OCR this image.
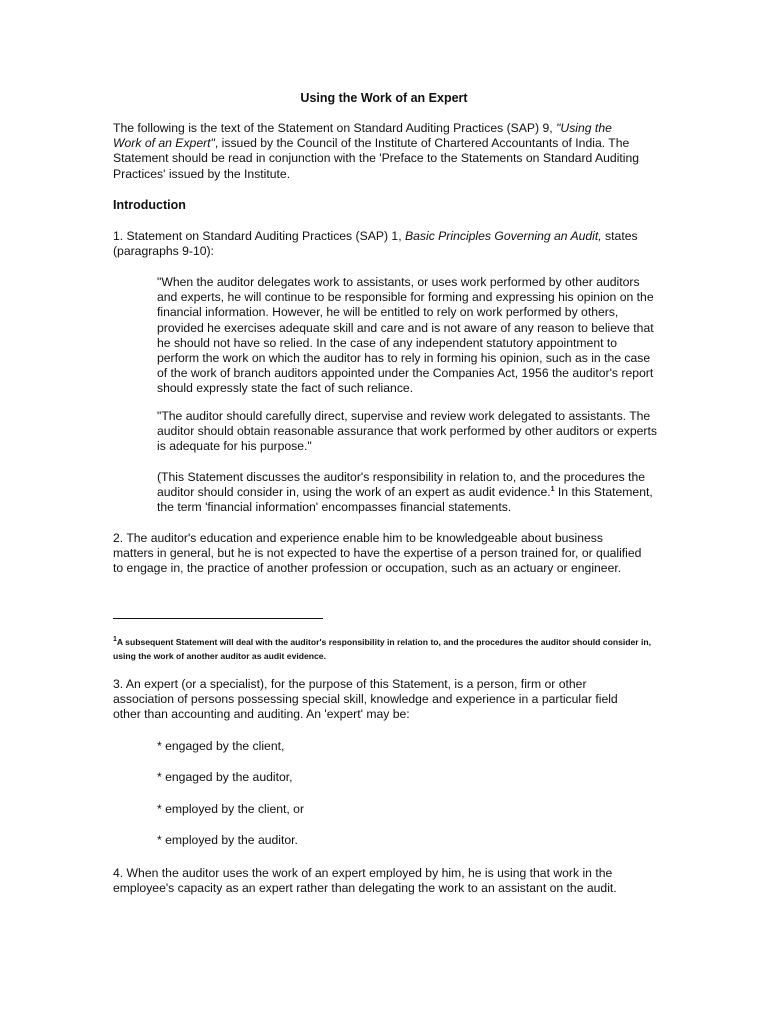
Using the Work of an Expert

The following is the text of the Statement on Standard Auditing Practices (SAP) 9, "Using the Work of an Expert", issued by the Council of the Institute of Chartered Accountants of India. The Statement should be read in conjunction with the 'Preface to the Statements on Standard Auditing Practices' issued by the Institute.

Introduction

1. Statement on Standard Auditing Practices (SAP) 1, Basic Principles Governing an Audit, states (paragraphs 9-10):

"When the auditor delegates work to assistants, or uses work performed by other auditors and experts, he will continue to be responsible for forming and expressing his opinion on the financial information. However, he will be entitled to rely on work performed by others, provided he exercises adequate skill and care and is not aware of any reason to believe that he should not have so relied. In the case of any independent statutory appointment to perform the work on which the auditor has to rely in forming his opinion, such as in the case of the work of branch auditors appointed under the Companies Act, 1956 the auditor's report should expressly state the fact of such reliance.

"The auditor should carefully direct, supervise and review work delegated to assistants. The auditor should obtain reasonable assurance that work performed by other auditors or experts is adequate for his purpose."

(This Statement discusses the auditor's responsibility in relation to, and the procedures the auditor should consider in, using the work of an expert as audit evidence.$^1$ In this Statement, the term 'financial information' encompasses financial statements.

2. The auditor's education and experience enable him to be knowledgeable about business matters in general, but he is not expected to have the expertise of a person trained for, or qualified to engage in, the practice of another profession or occupation, such as an actuary or engineer.

$^1$A subsequent Statement will deal with the auditor's responsibility in relation to, and the procedures the auditor should consider in, using the work of another auditor as audit evidence.

3. An expert (or a specialist), for the purpose of this Statement, is a person, firm or other association of persons possessing special skill, knowledge and experience in a particular field other than accounting and auditing. An 'expert' may be:

* engaged by the client,

* engaged by the auditor,

* employed by the client, or

* employed by the auditor.

4. When the auditor uses the work of an expert employed by him, he is using that work in the employee's capacity as an expert rather than delegating the work to an assistant on the audit.
